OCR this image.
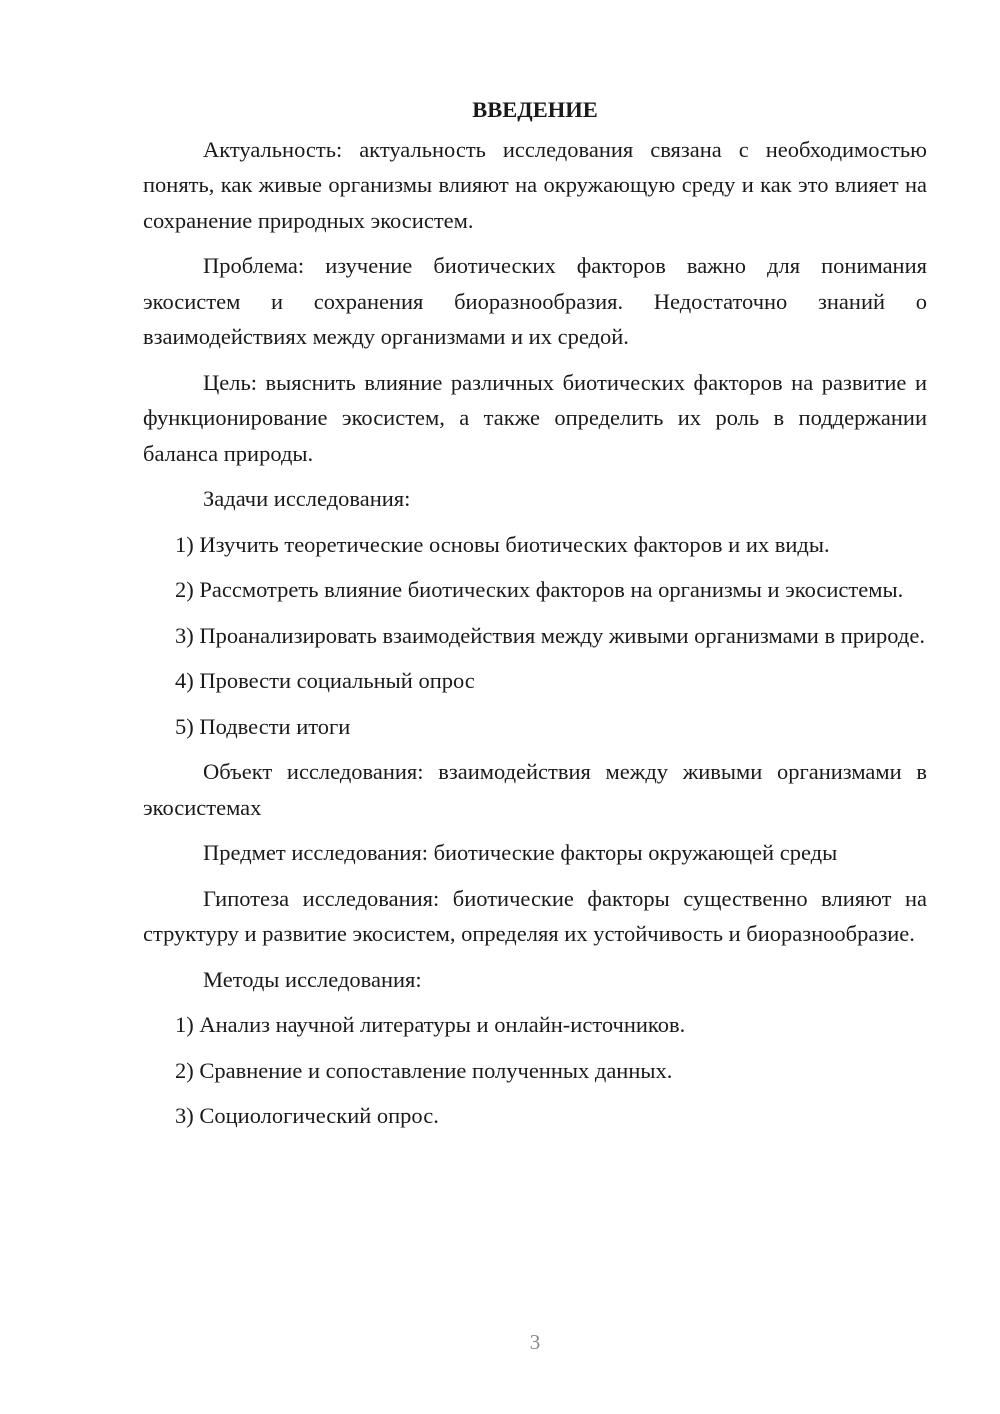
ВВЕДЕНИЕ

Актуальность: актуальность исследования связана с необходимостью понять, как живые организмы влияют на окружающую среду и как это влияет на сохранение природных экосистем.

Проблема: изучение биотических факторов важно для понимания экосистем и сохранения биоразнообразия. Недостаточно знаний о взаимодействиях между организмами и их средой.

Цель: выяснить влияние различных биотических факторов на развитие и функционирование экосистем, а также определить их роль в поддержании баланса природы.

Задачи исследования:

1) Изучить теоретические основы биотических факторов и их виды.

2) Рассмотреть влияние биотических факторов на организмы и экосистемы.

3) Проанализировать взаимодействия между живыми организмами в природе.

4) Провести социальный опрос

5) Подвести итоги

Объект исследования: взаимодействия между живыми организмами в экосистемах

Предмет исследования: биотические факторы окружающей среды

Гипотеза исследования: биотические факторы существенно влияют на структуру и развитие экосистем, определяя их устойчивость и биоразнообразие.

Методы исследования:

1) Анализ научной литературы и онлайн-источников.

2) Сравнение и сопоставление полученных данных.

3) Социологический опрос.

3
